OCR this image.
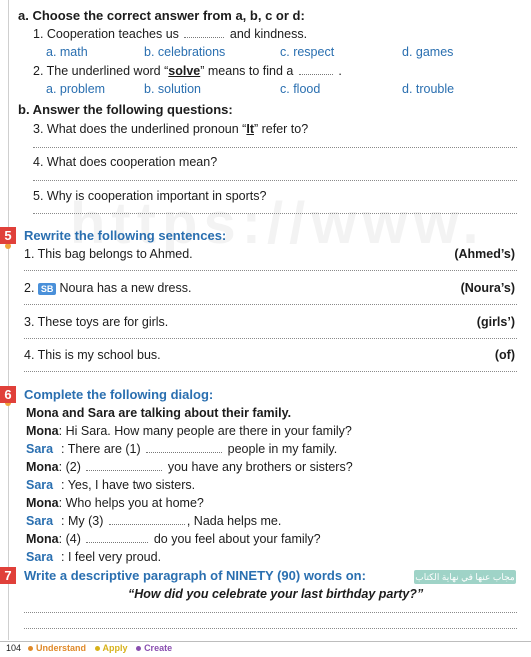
a. Choose the correct answer from a, b, c or d:
1. Cooperation teaches us	and kindness.
a. math	b. celebrations	c. respect	d. games
2. The underlined word “solve” means to find a	.
a. problem	b. solution	c. flood	d. trouble
b. Answer the following questions:
3. What does the underlined pronoun “It” refer to?
4. What does cooperation mean?
5. Why is cooperation important in sports?
5 Rewrite the following sentences:
1. This bag belongs to Ahmed.	(Ahmed’s)
2. SB Noura has a new dress.	(Noura’s)
3. These toys are for girls.	(girls’)
4. This is my school bus.	(of)
6 Complete the following dialog:
Mona and Sara are talking about their family.
Mona: Hi Sara. How many people are there in your family?
Sara : There are (1)	people in my family.
Mona: (2)	you have any brothers or sisters?
Sara : Yes, I have two sisters.
Mona: Who helps you at home?
Sara : My (3)	, Nada helps me.
Mona: (4)	do you feel about your family?
Sara : I feel very proud.
7 Write a descriptive paragraph of NINETY (90) words on:	مجاب عنها في نهاية الكتاب
“How did you celebrate your last birthday party?”
104	Understand Apply Create
